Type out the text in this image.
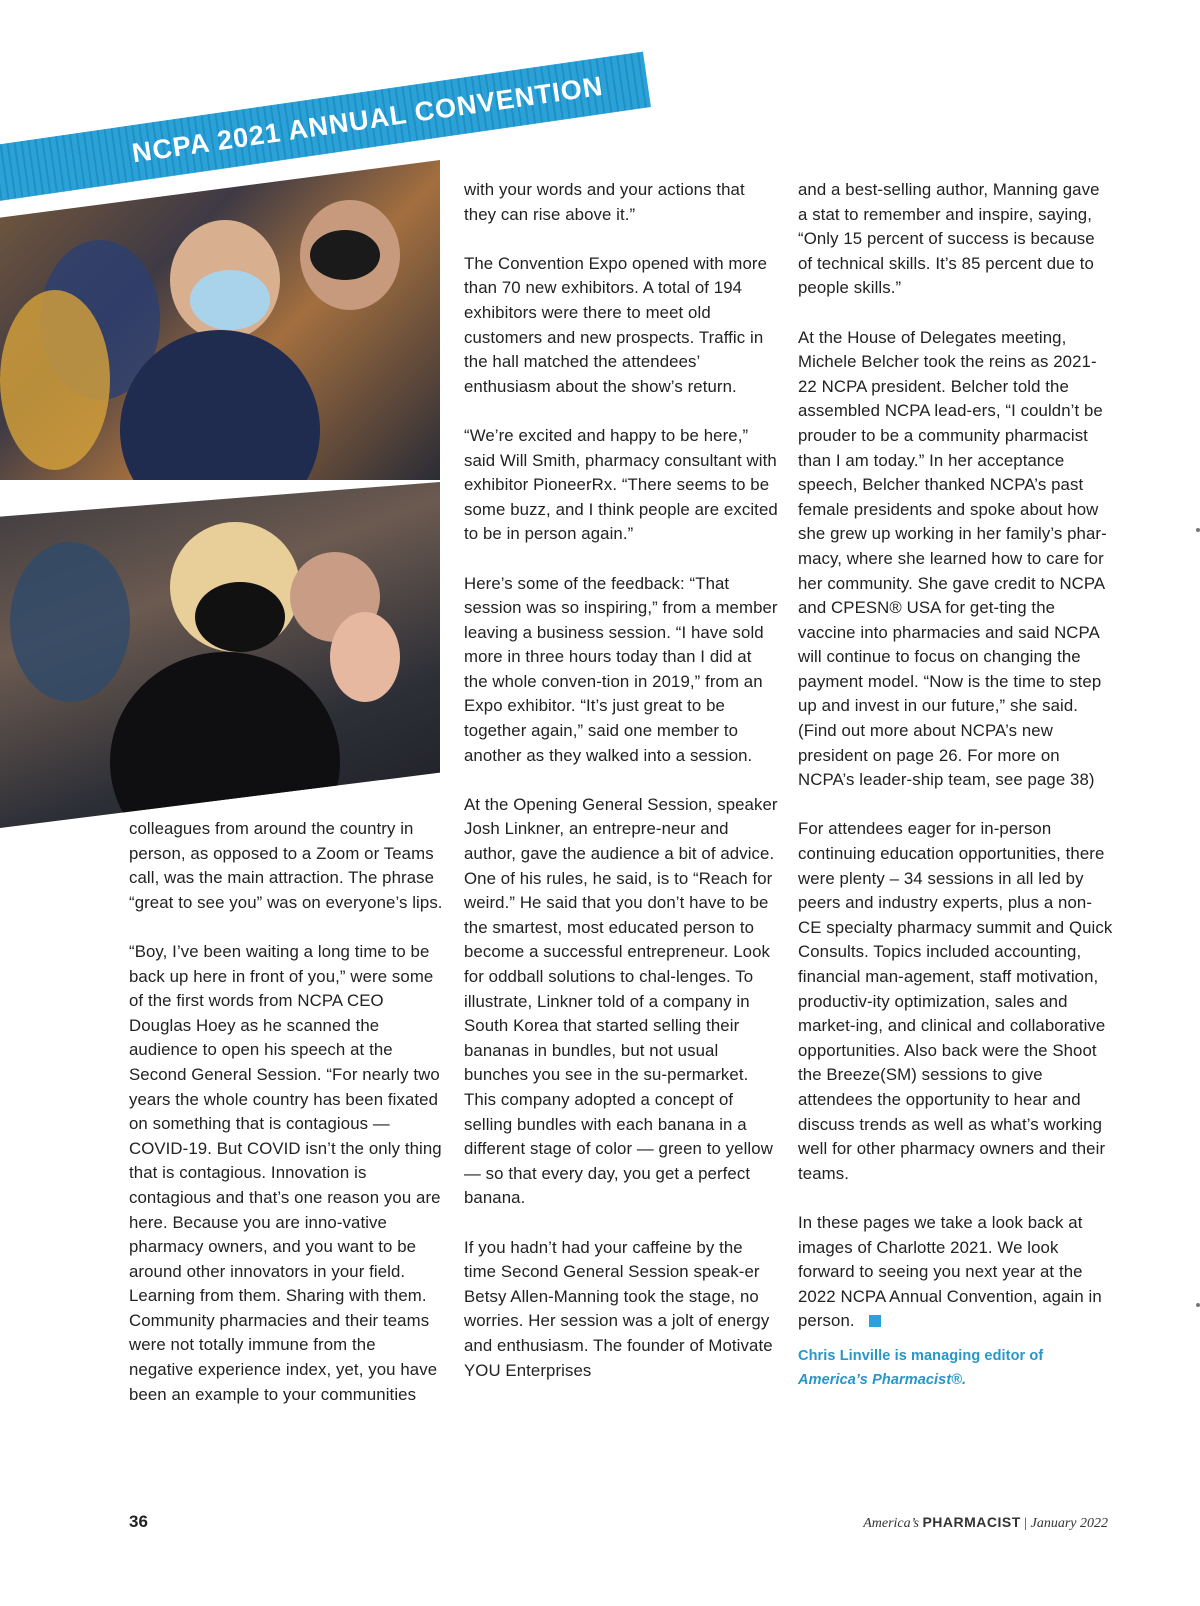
NCPA 2021 ANNUAL CONVENTION

colleagues from around the country in person, as opposed to a Zoom or Teams call, was the main attraction. The phrase “great to see you” was on everyone’s lips.

“Boy, I’ve been waiting a long time to be back up here in front of you,” were some of the first words from NCPA CEO Douglas Hoey as he scanned the audience to open his speech at the Second General Session. “For nearly two years the whole country has been fixated on something that is contagious — COVID-19. But COVID isn’t the only thing that is contagious. Innovation is contagious and that’s one reason you are here. Because you are inno-vative pharmacy owners, and you want to be around other innovators in your field. Learning from them. Sharing with them. Community pharmacies and their teams were not totally immune from the negative experience index, yet, you have been an example to your communities

with your words and your actions that they can rise above it.”

The Convention Expo opened with more than 70 new exhibitors. A total of 194 exhibitors were there to meet old customers and new prospects. Traffic in the hall matched the attendees’ enthusiasm about the show’s return.

“We’re excited and happy to be here,” said Will Smith, pharmacy consultant with exhibitor PioneerRx. “There seems to be some buzz, and I think people are excited to be in person again.”

Here’s some of the feedback: “That session was so inspiring,” from a member leaving a business session. “I have sold more in three hours today than I did at the whole conven-tion in 2019,” from an Expo exhibitor. “It’s just great to be together again,” said one member to another as they walked into a session.

At the Opening General Session, speaker Josh Linkner, an entrepre-neur and author, gave the audience a bit of advice. One of his rules, he said, is to “Reach for weird.” He said that you don’t have to be the smartest, most educated person to become a successful entrepreneur. Look for oddball solutions to chal-lenges. To illustrate, Linkner told of a company in South Korea that started selling their bananas in bundles, but not usual bunches you see in the su-permarket. This company adopted a concept of selling bundles with each banana in a different stage of color — green to yellow — so that every day, you get a perfect banana.

If you hadn’t had your caffeine by the time Second General Session speak-er Betsy Allen-Manning took the stage, no worries. Her session was a jolt of energy and enthusiasm. The founder of Motivate YOU Enterprises

and a best-selling author, Manning gave a stat to remember and inspire, saying, “Only 15 percent of success is because of technical skills. It’s 85 percent due to people skills.”

At the House of Delegates meeting, Michele Belcher took the reins as 2021-22 NCPA president. Belcher told the assembled NCPA lead-ers, “I couldn’t be prouder to be a community pharmacist than I am today.” In her acceptance speech, Belcher thanked NCPA’s past female presidents and spoke about how she grew up working in her family’s phar-macy, where she learned how to care for her community. She gave credit to NCPA and CPESN® USA for get-ting the vaccine into pharmacies and said NCPA will continue to focus on changing the payment model. “Now is the time to step up and invest in our future,” she said. (Find out more about NCPA’s new president on page 26. For more on NCPA’s leader-ship team, see page 38)

For attendees eager for in-person continuing education opportunities, there were plenty – 34 sessions in all led by peers and industry experts, plus a non-CE specialty pharmacy summit and Quick Consults. Topics included accounting, financial man-agement, staff motivation, productiv-ity optimization, sales and market-ing, and clinical and collaborative opportunities. Also back were the Shoot the Breeze(SM) sessions to give attendees the opportunity to hear and discuss trends as well as what’s working well for other pharmacy owners and their teams.

In these pages we take a look back at images of Charlotte 2021. We look forward to seeing you next year at the 2022 NCPA Annual Convention, again in person.

Chris Linville is managing editor of
America’s Pharmacist®.
36	America’s PHARMACIST | January 2022
